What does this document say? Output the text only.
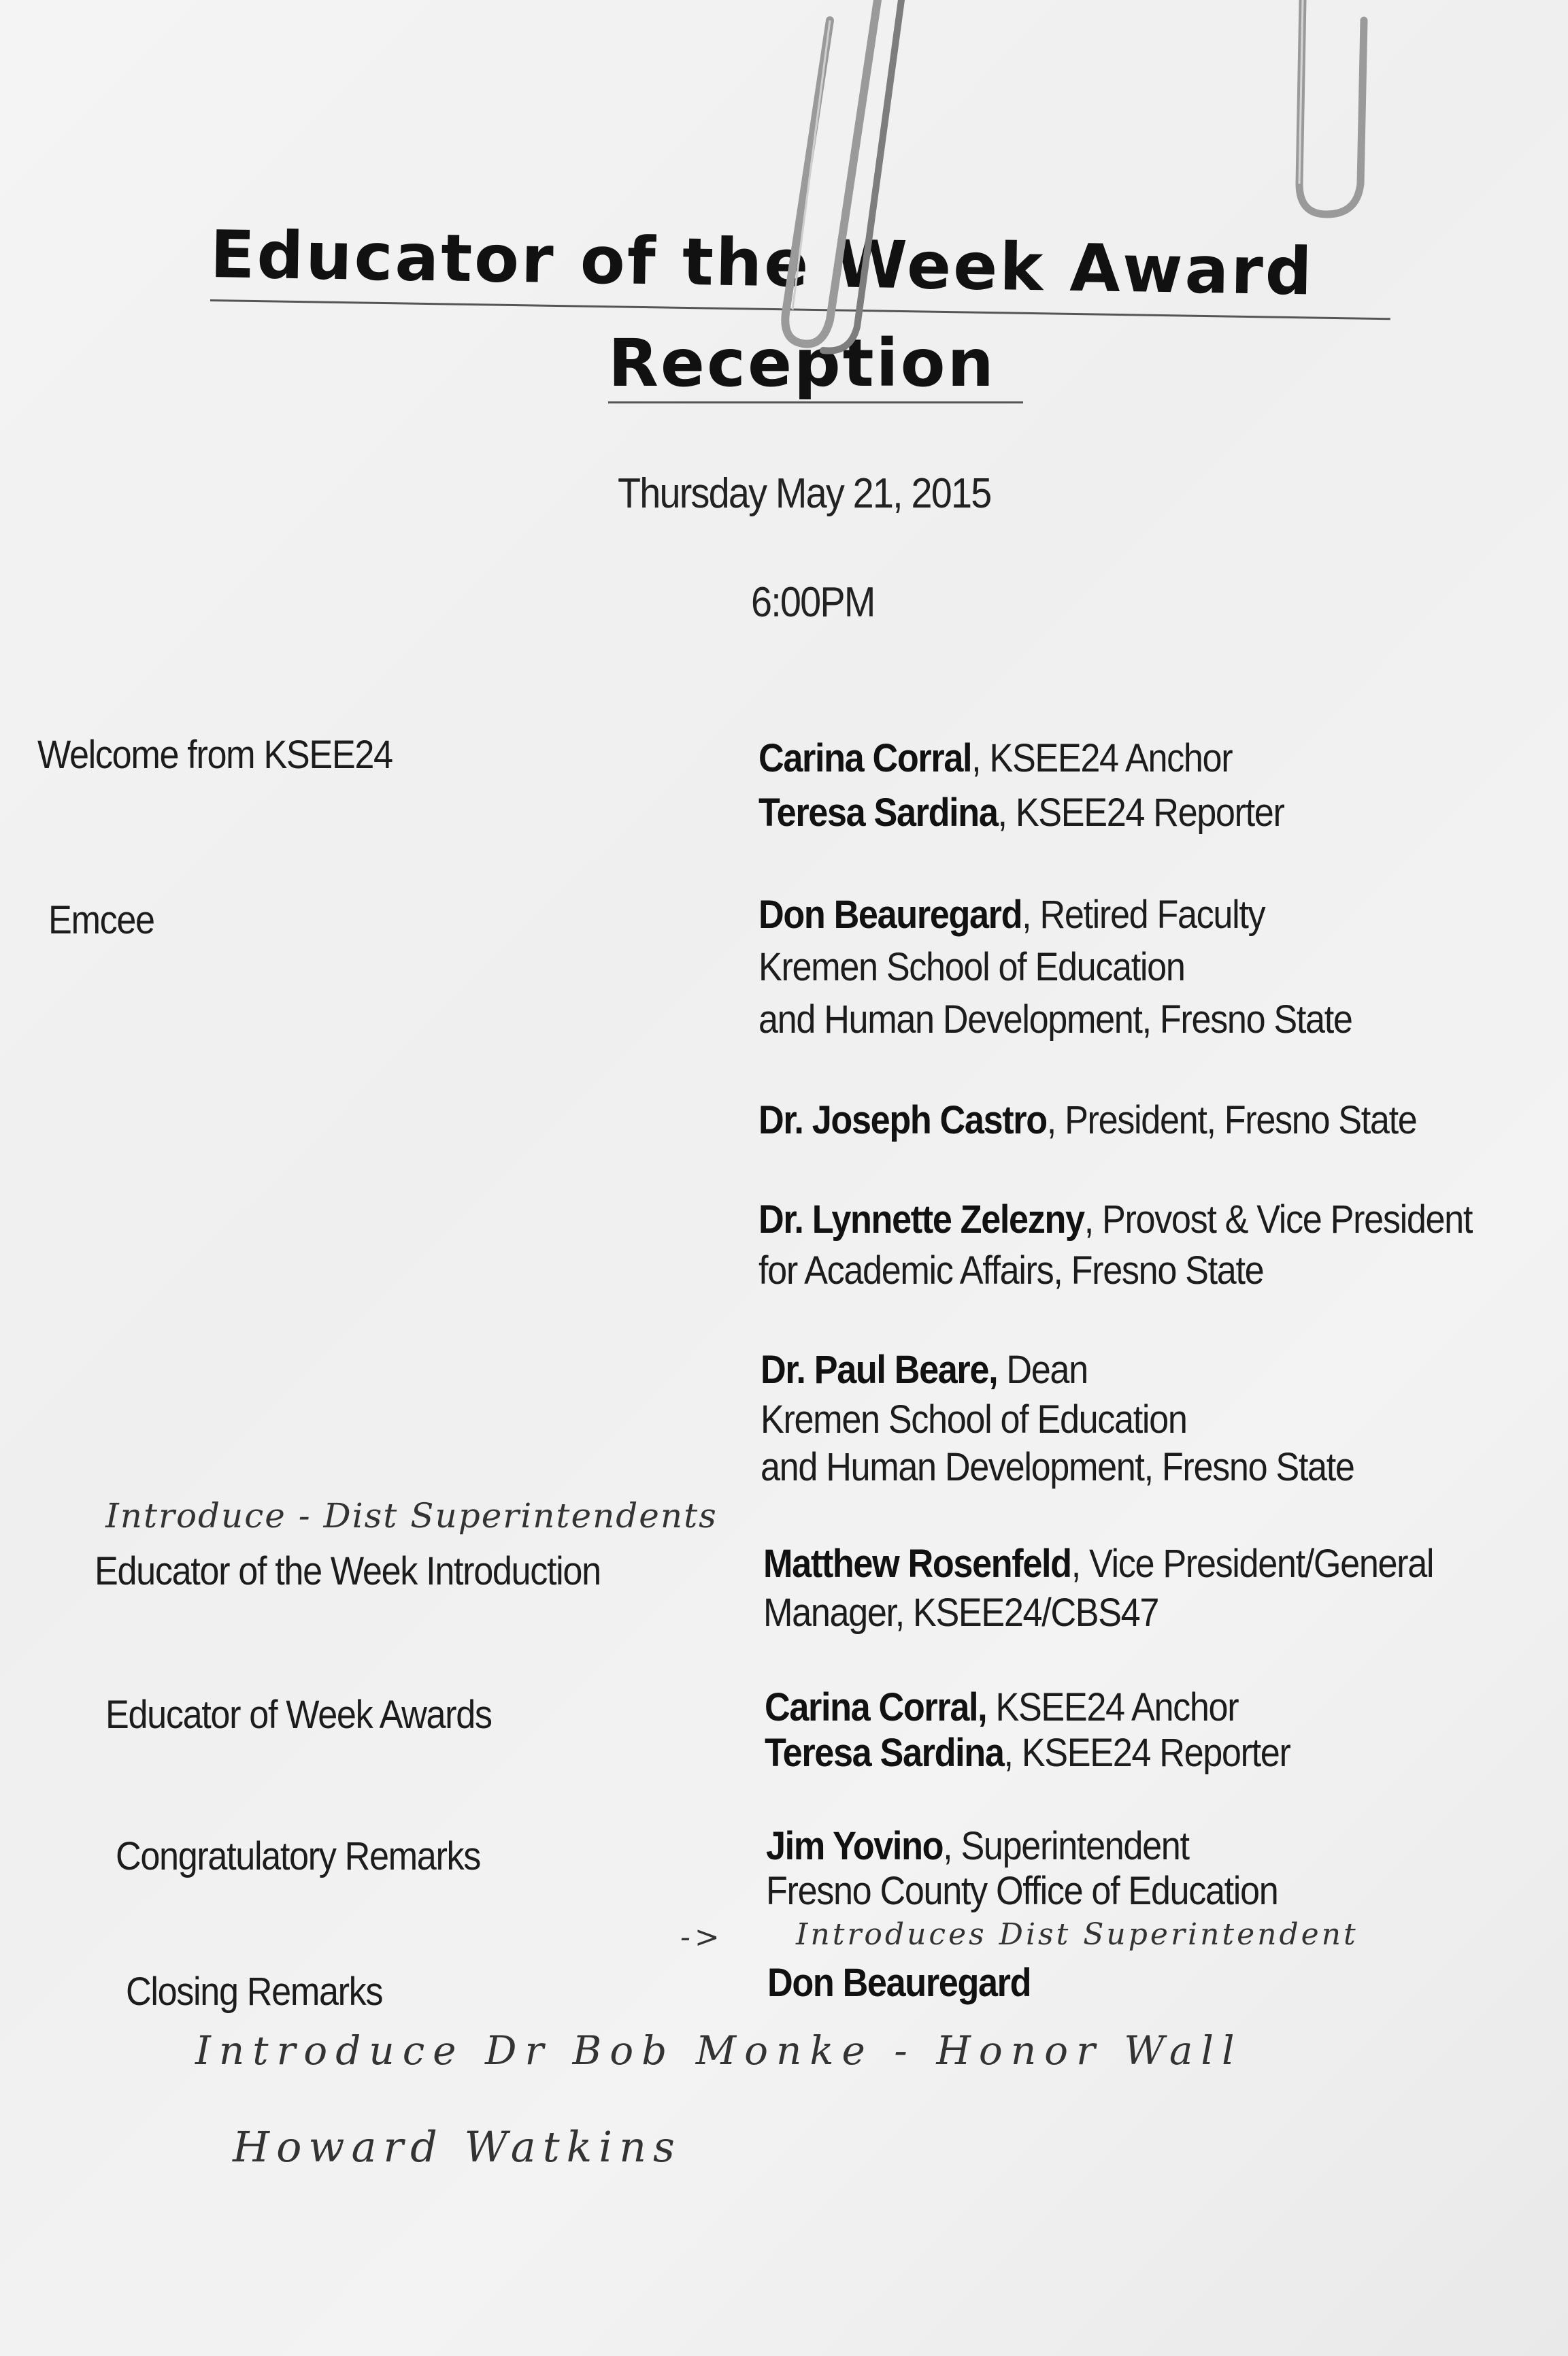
Educator of the Week Award
Reception
Thursday May 21, 2015
6:00PM
Welcome from KSEE24
Emcee
Educator of the Week Introduction
Educator of Week Awards
Congratulatory Remarks
Closing Remarks
Carina Corral, KSEE24 Anchor
Teresa Sardina, KSEE24 Reporter
Don Beauregard, Retired Faculty
Kremen School of Education
and Human Development, Fresno State
Dr. Joseph Castro, President, Fresno State
Dr. Lynnette Zelezny, Provost & Vice President
for Academic Affairs, Fresno State
Dr. Paul Beare, Dean
Kremen School of Education
and Human Development, Fresno State
Matthew Rosenfeld, Vice President/General
Manager, KSEE24/CBS47
Carina Corral, KSEE24 Anchor
Teresa Sardina, KSEE24 Reporter
Jim Yovino, Superintendent
Fresno County Office of Education
Don Beauregard
Introduce - Dist Superintendents
-> Introduces Dist Superintendent
Introduce Dr Bob Monke - Honor Wall
Howard Watkins
